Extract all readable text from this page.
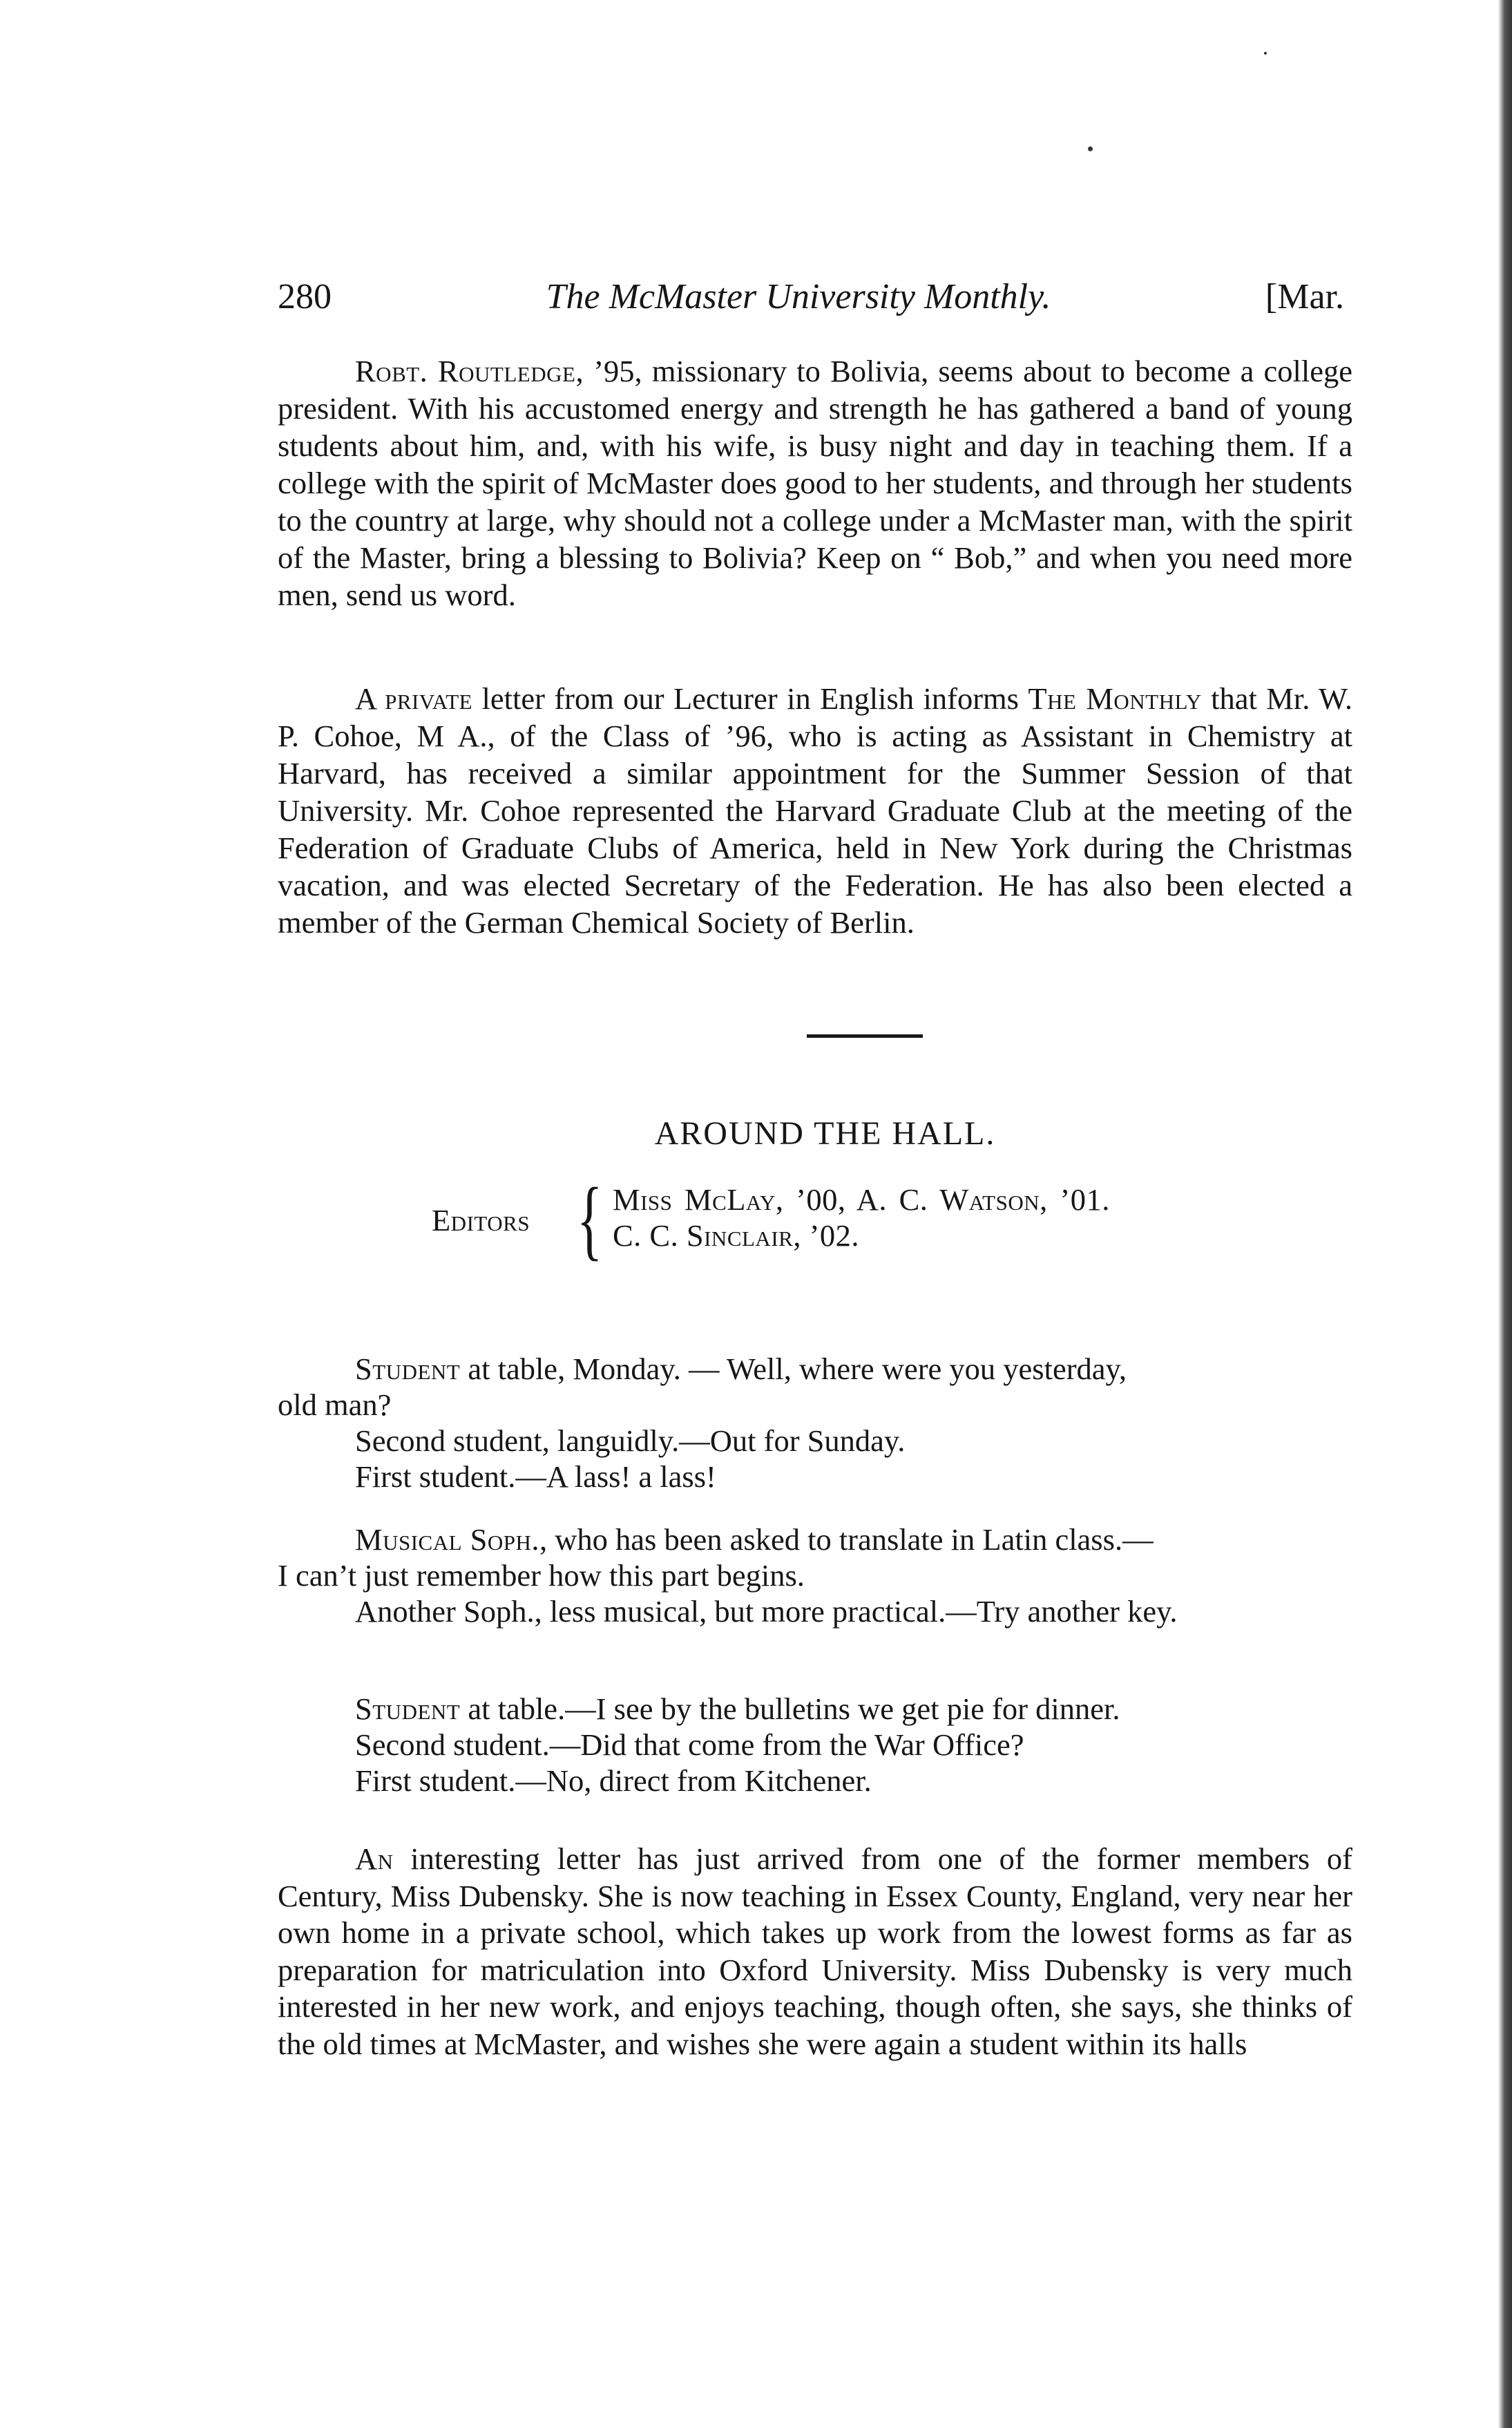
280	The McMaster University Monthly.	[Mar.

Robt. Routledge, ’95, missionary to Bolivia, seems about to become a college president. With his accustomed energy and strength he has gathered a band of young students about him, and, with his wife, is busy night and day in teaching them. If a college with the spirit of McMaster does good to her students, and through her students to the country at large, why should not a college under a McMaster man, with the spirit of the Master, bring a blessing to Bolivia? Keep on “ Bob,” and when you need more men, send us word.

A private letter from our Lecturer in English informs The Monthly that Mr. W. P. Cohoe, M A., of the Class of ’96, who is acting as Assistant in Chemistry at Harvard, has received a similar appointment for the Summer Session of that University. Mr. Cohoe represented the Harvard Graduate Club at the meeting of the Federation of Graduate Clubs of America, held in New York during the Christmas vacation, and was elected Secretary of the Federation. He has also been elected a member of the German Chemical Society of Berlin.

AROUND THE HALL.
Editors { Miss McLay, ’00, A. C. Watson, ’01.
C. C. Sinclair, ’02.
Student at table, Monday. — Well, where were you yesterday,
old man?
Second student, languidly.—Out for Sunday.
First student.—A lass! a lass!
Musical Soph., who has been asked to translate in Latin class.—
I can’t just remember how this part begins.
Another Soph., less musical, but more practical.—Try another key.
Student at table.—I see by the bulletins we get pie for dinner.
Second student.—Did that come from the War Office?
First student.—No, direct from Kitchener.

An interesting letter has just arrived from one of the former members of Century, Miss Dubensky. She is now teaching in Essex County, England, very near her own home in a private school, which takes up work from the lowest forms as far as preparation for matriculation into Oxford University. Miss Dubensky is very much interested in her new work, and enjoys teaching, though often, she says, she thinks of the old times at McMaster, and wishes she were again a student within its halls
